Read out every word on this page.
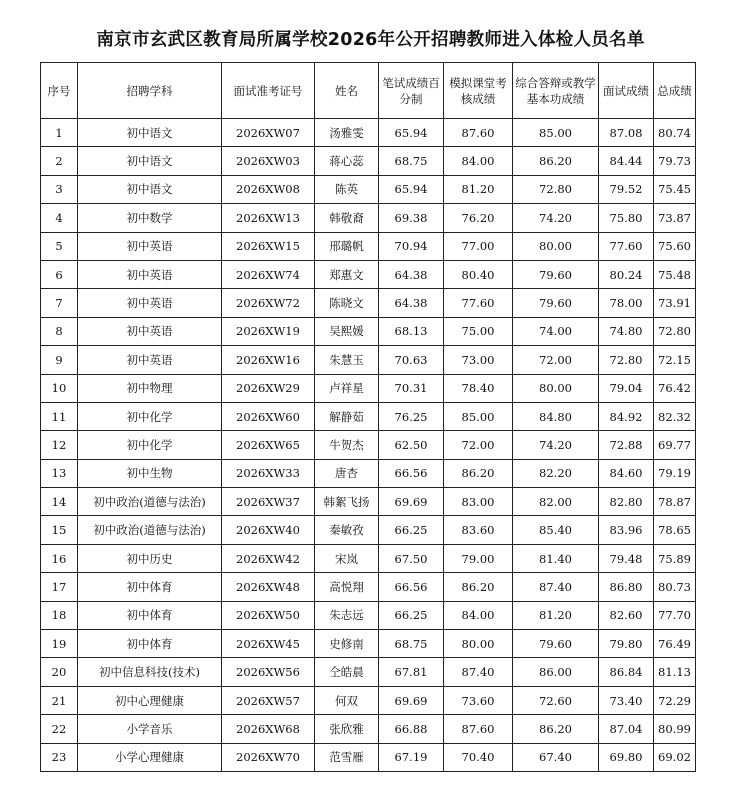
南京市玄武区教育局所属学校2026年公开招聘教师进入体检人员名单
序号	招聘学科	面试准考证号	姓名	笔试成绩百分制	模拟课堂考核成绩	综合答辩或教学基本功成绩	面试成绩	总成绩
1	初中语文	2026XW07	汤雅雯	65.94	87.60	85.00	87.08	80.74
2	初中语文	2026XW03	蒋心蕊	68.75	84.00	86.20	84.44	79.73
3	初中语文	2026XW08	陈英	65.94	81.20	72.80	79.52	75.45
4	初中数学	2026XW13	韩敬裔	69.38	76.20	74.20	75.80	73.87
5	初中英语	2026XW15	邢璐帆	70.94	77.00	80.00	77.60	75.60
6	初中英语	2026XW74	郑惠文	64.38	80.40	79.60	80.24	75.48
7	初中英语	2026XW72	陈晓文	64.38	77.60	79.60	78.00	73.91
8	初中英语	2026XW19	吴熙媛	68.13	75.00	74.00	74.80	72.80
9	初中英语	2026XW16	朱慧玉	70.63	73.00	72.00	72.80	72.15
10	初中物理	2026XW29	卢祥星	70.31	78.40	80.00	79.04	76.42
11	初中化学	2026XW60	解静茹	76.25	85.00	84.80	84.92	82.32
12	初中化学	2026XW65	牛贺杰	62.50	72.00	74.20	72.88	69.77
13	初中生物	2026XW33	唐杏	66.56	86.20	82.20	84.60	79.19
14	初中政治(道德与法治)	2026XW37	韩絮飞扬	69.69	83.00	82.00	82.80	78.87
15	初中政治(道德与法治)	2026XW40	秦敏孜	66.25	83.60	85.40	83.96	78.65
16	初中历史	2026XW42	宋岚	67.50	79.00	81.40	79.48	75.89
17	初中体育	2026XW48	高悦翔	66.56	86.20	87.40	86.80	80.73
18	初中体育	2026XW50	朱志远	66.25	84.00	81.20	82.60	77.70
19	初中体育	2026XW45	史修南	68.75	80.00	79.60	79.80	76.49
20	初中信息科技(技术)	2026XW56	仝皓晨	67.81	87.40	86.00	86.84	81.13
21	初中心理健康	2026XW57	何双	69.69	73.60	72.60	73.40	72.29
22	小学音乐	2026XW68	张欣雅	66.88	87.60	86.20	87.04	80.99
23	小学心理健康	2026XW70	范雪雁	67.19	70.40	67.40	69.80	69.02
